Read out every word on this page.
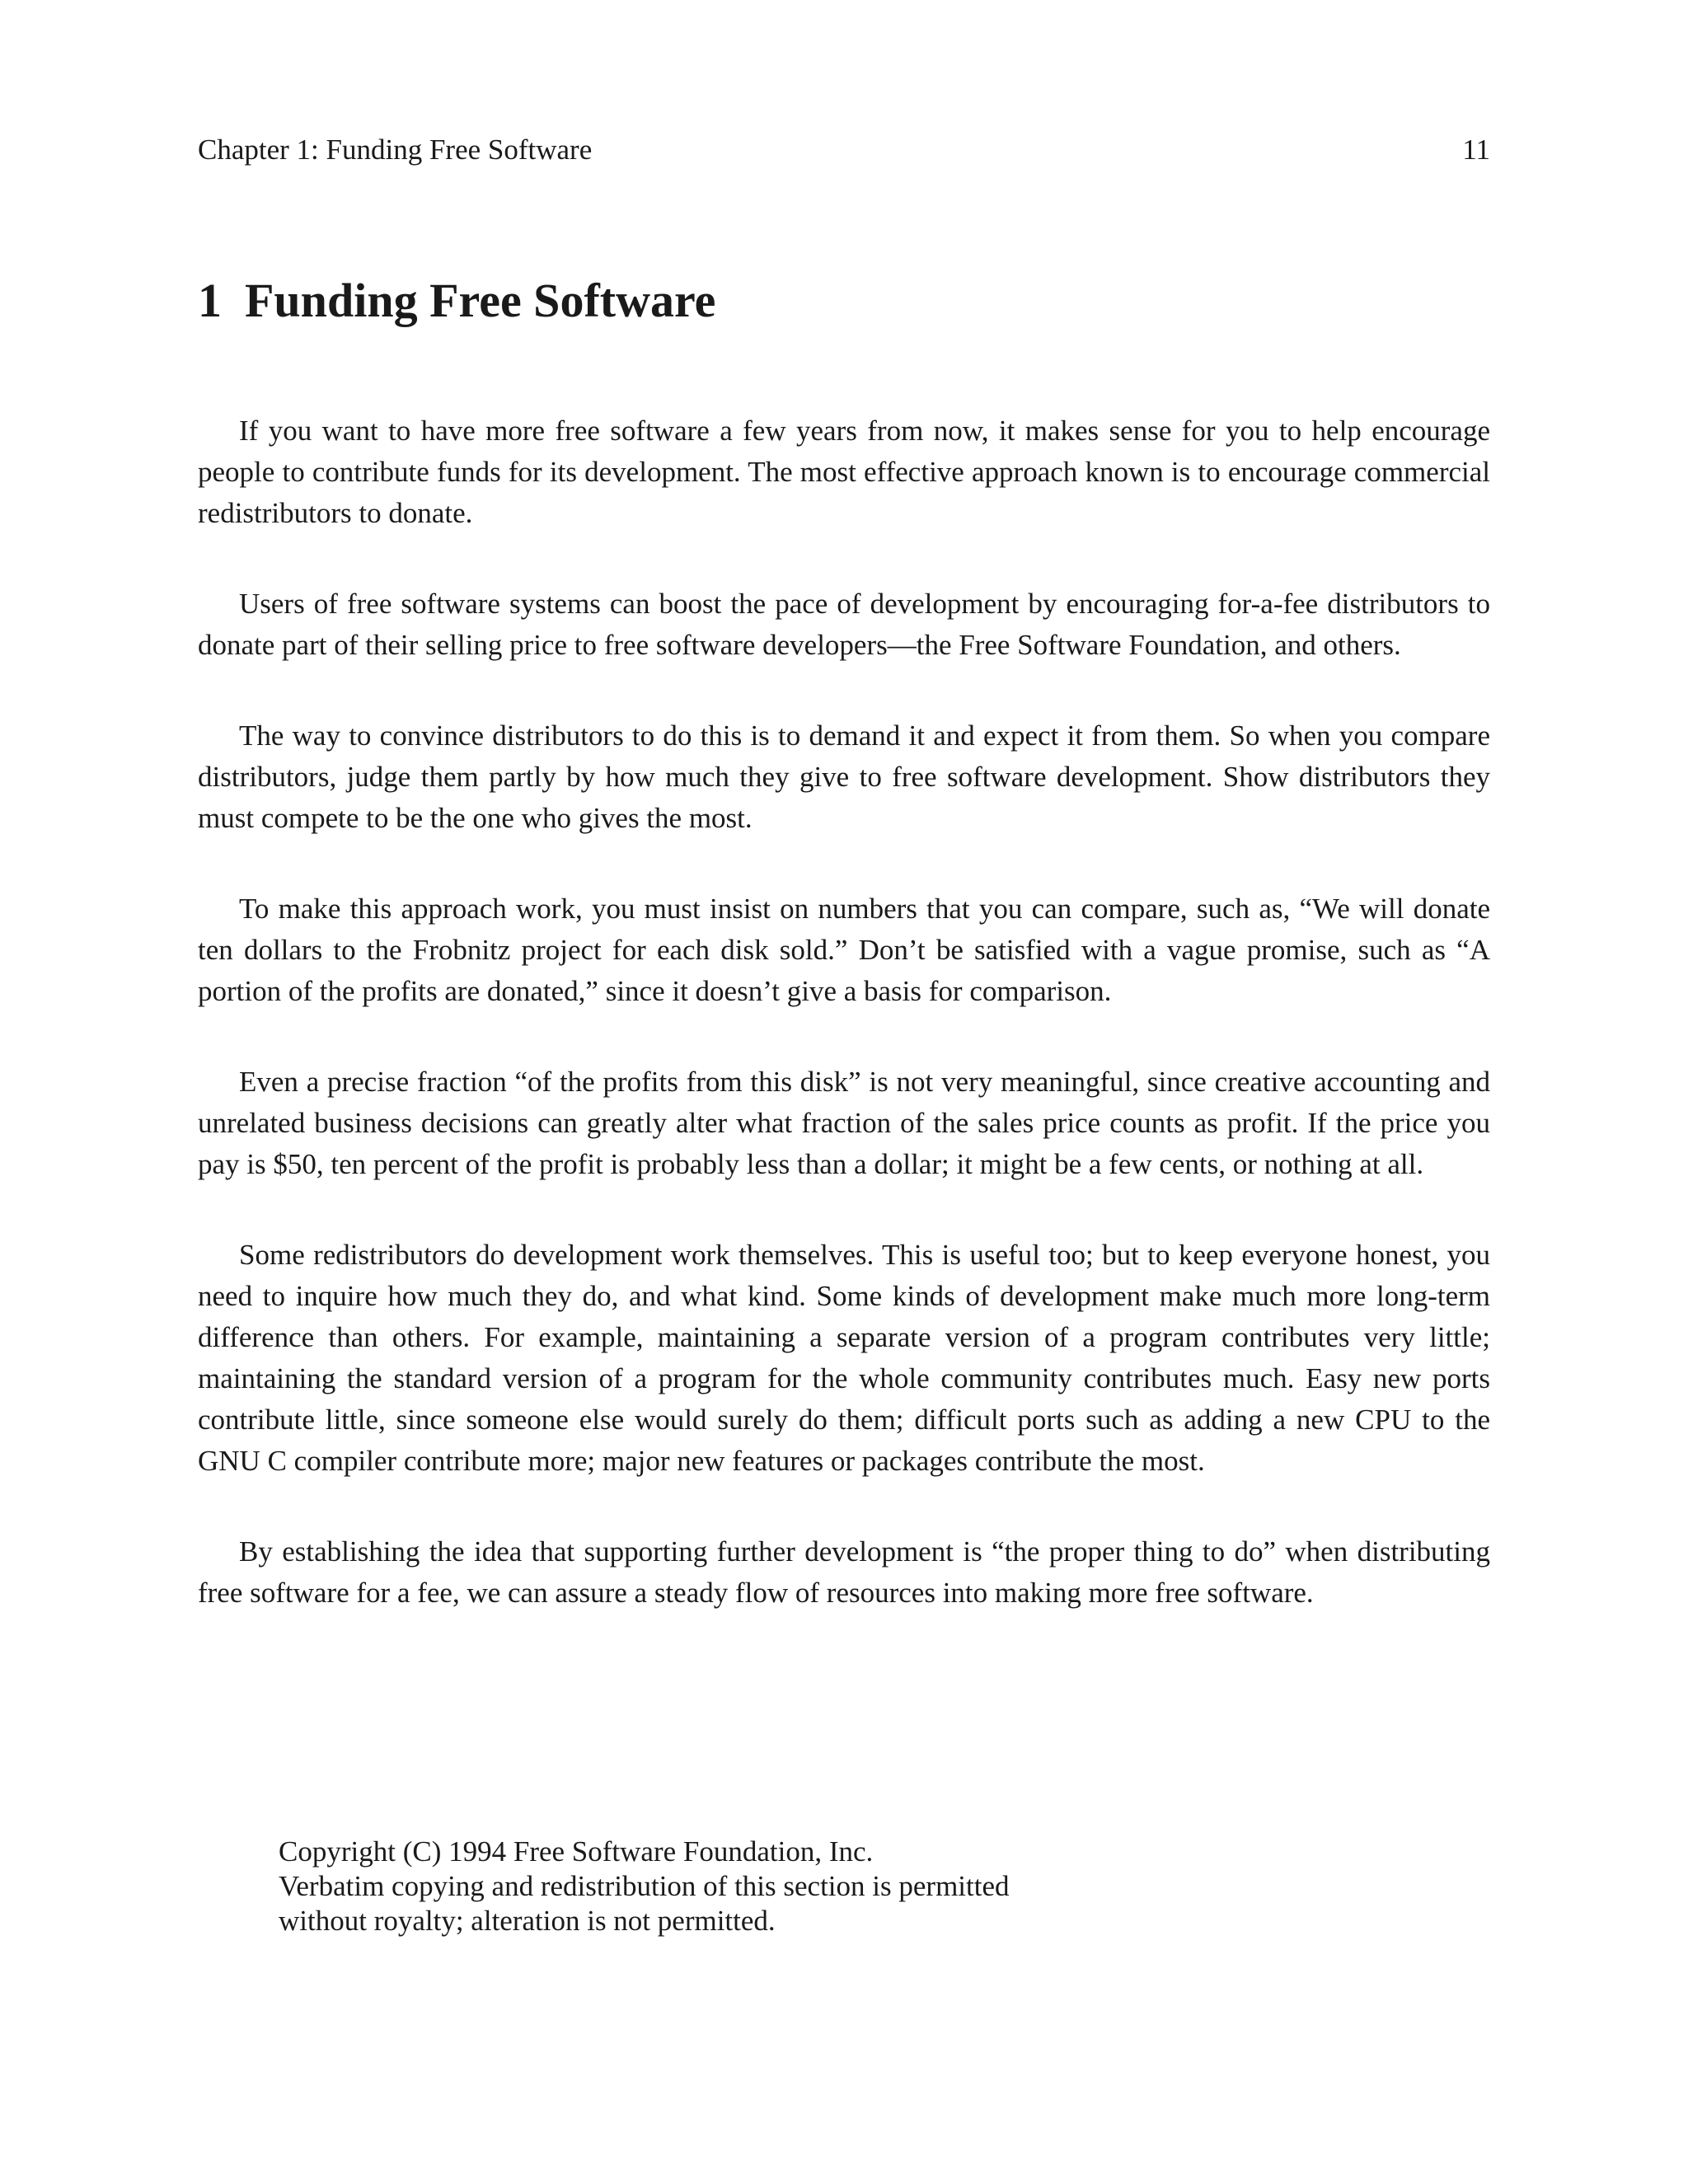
Chapter 1: Funding Free Software	11
1 Funding Free Software

If you want to have more free software a few years from now, it makes sense for you to help encourage people to contribute funds for its development. The most effective approach known is to encourage commercial redistributors to donate.

Users of free software systems can boost the pace of development by encouraging for-a-fee distributors to donate part of their selling price to free software developers—the Free Software Foundation, and others.

The way to convince distributors to do this is to demand it and expect it from them. So when you compare distributors, judge them partly by how much they give to free software development. Show distributors they must compete to be the one who gives the most.

To make this approach work, you must insist on numbers that you can compare, such as, “We will donate ten dollars to the Frobnitz project for each disk sold.” Don’t be satisfied with a vague promise, such as “A portion of the profits are donated,” since it doesn’t give a basis for comparison.

Even a precise fraction “of the profits from this disk” is not very meaningful, since creative accounting and unrelated business decisions can greatly alter what fraction of the sales price counts as profit. If the price you pay is $50, ten percent of the profit is probably less than a dollar; it might be a few cents, or nothing at all.

Some redistributors do development work themselves. This is useful too; but to keep everyone honest, you need to inquire how much they do, and what kind. Some kinds of development make much more long-term difference than others. For example, maintaining a separate version of a program contributes very little; maintaining the standard version of a program for the whole community contributes much. Easy new ports contribute little, since someone else would surely do them; difficult ports such as adding a new CPU to the GNU C compiler contribute more; major new features or packages contribute the most.

By establishing the idea that supporting further development is “the proper thing to do” when distributing free software for a fee, we can assure a steady flow of resources into making more free software.

Copyright (C) 1994 Free Software Foundation, Inc.
Verbatim copying and redistribution of this section is permitted
without royalty; alteration is not permitted.
